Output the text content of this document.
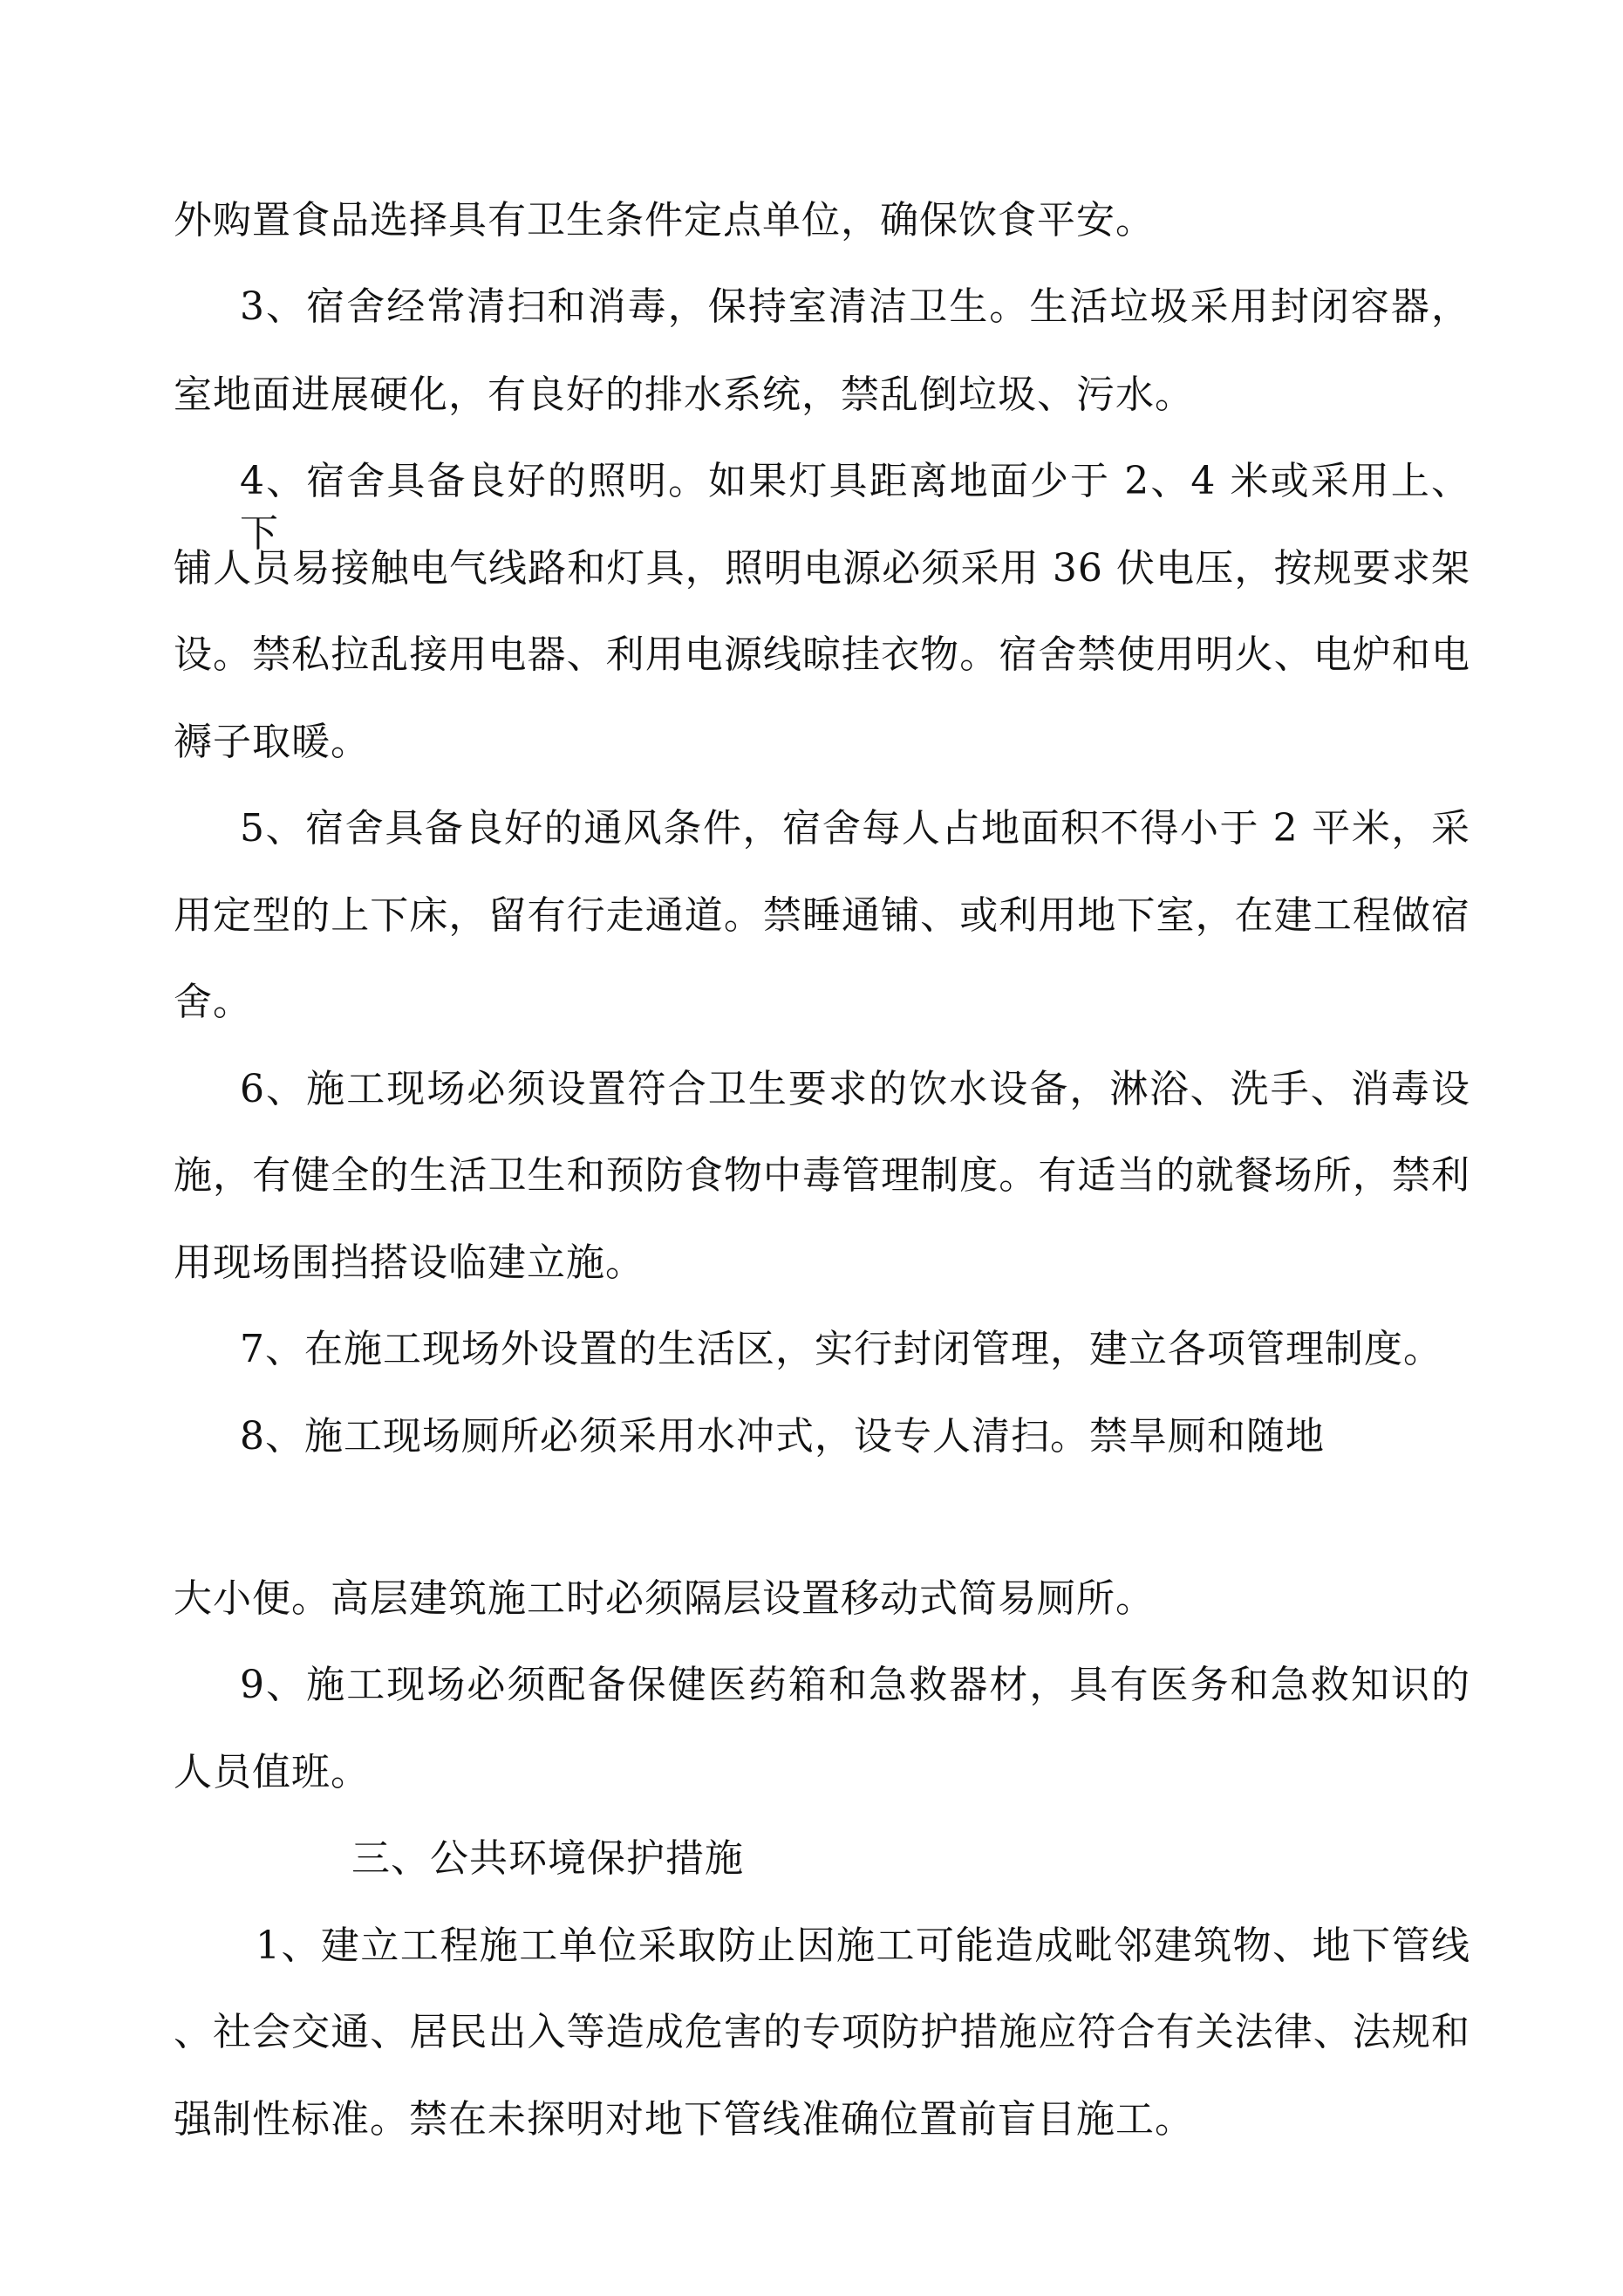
外购置食品选择具有卫生条件定点单位，确保饮食平安。
3、宿舍经常清扫和消毒，保持室清洁卫生。生活垃圾采用封闭容器，
室地面进展硬化，有良好的排水系统，禁乱倒垃圾、污水。
4、宿舍具备良好的照明。如果灯具距离地面少于 2、4 米或采用上、下
铺人员易接触电气线路和灯具，照明电源必须采用 36 伏电压，按规要求架
设。禁私拉乱接用电器、利用电源线晾挂衣物。宿舍禁使用明火、电炉和电
褥子取暖。
5、宿舍具备良好的通风条件，宿舍每人占地面积不得小于 2 平米，采
用定型的上下床，留有行走通道。禁睡通铺、或利用地下室，在建工程做宿
舍。
6、施工现场必须设置符合卫生要求的饮水设备，淋浴、洗手、消毒设
施，有健全的生活卫生和预防食物中毒管理制度。有适当的就餐场所，禁利
用现场围挡搭设临建立施。
7、在施工现场外设置的生活区，实行封闭管理，建立各项管理制度。
8、施工现场厕所必须采用水冲式，设专人清扫。禁旱厕和随地
大小便。高层建筑施工时必须隔层设置移动式简易厕所。
9、施工现场必须配备保健医药箱和急救器材，具有医务和急救知识的
人员值班。
三、公共环境保护措施
1、建立工程施工单位采取防止因施工可能造成毗邻建筑物、地下管线
、社会交通、居民出入等造成危害的专项防护措施应符合有关法律、法规和
强制性标准。禁在未探明对地下管线准确位置前盲目施工。
